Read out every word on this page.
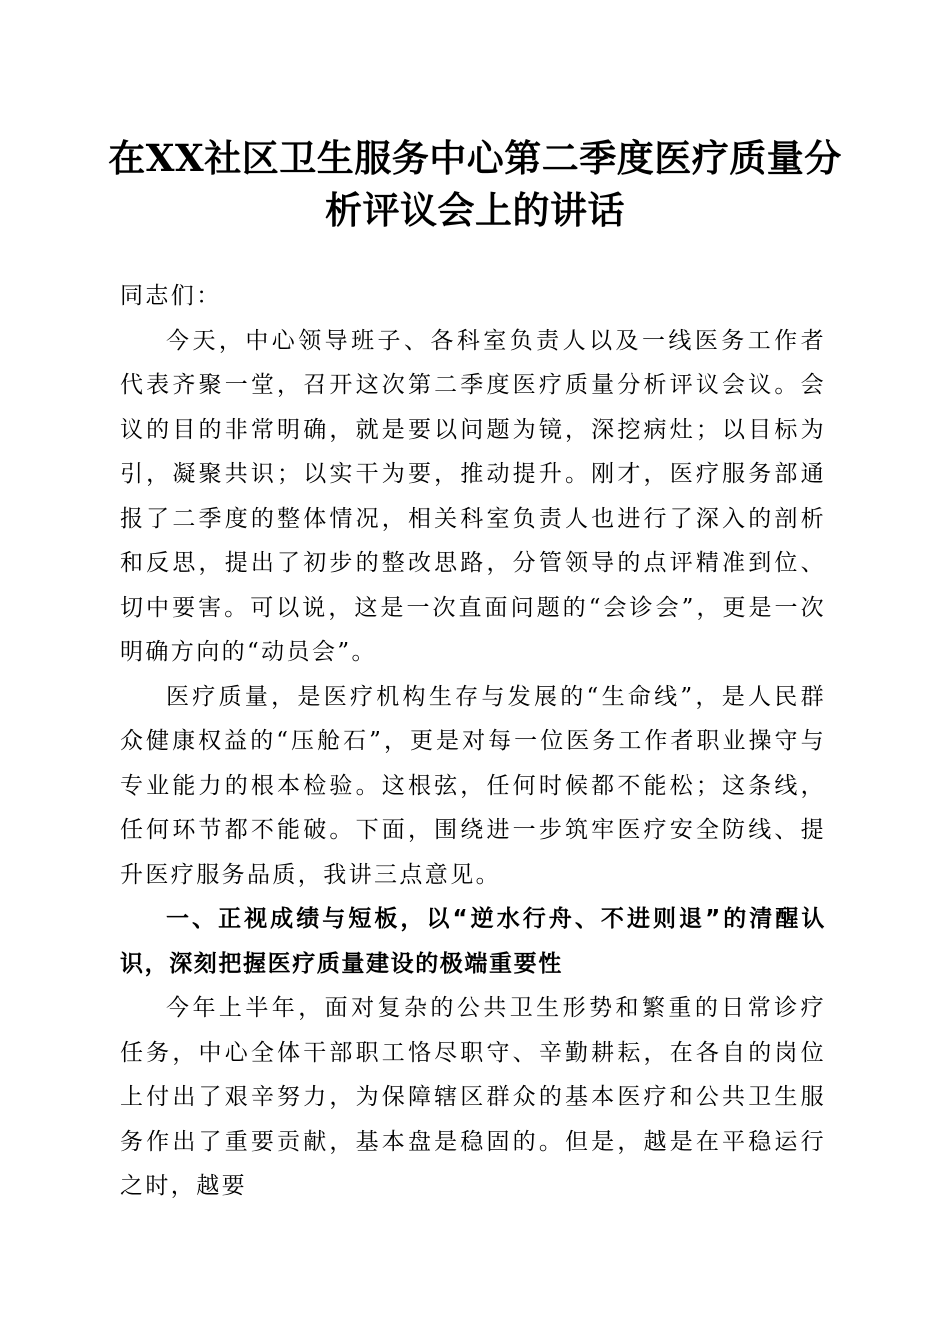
在XX社区卫生服务中心第二季度医疗质量分析评议会上的讲话

同志们：

今天，中心领导班子、各科室负责人以及一线医务工作者代表齐聚一堂，召开这次第二季度医疗质量分析评议会议。会议的目的非常明确，就是要以问题为镜，深挖病灶；以目标为引，凝聚共识；以实干为要，推动提升。刚才，医疗服务部通报了二季度的整体情况，相关科室负责人也进行了深入的剖析和反思，提出了初步的整改思路，分管领导的点评精准到位、切中要害。可以说，这是一次直面问题的“会诊会”，更是一次明确方向的“动员会”。

医疗质量，是医疗机构生存与发展的“生命线”，是人民群众健康权益的“压舱石”，更是对每一位医务工作者职业操守与专业能力的根本检验。这根弦，任何时候都不能松；这条线，任何环节都不能破。下面，围绕进一步筑牢医疗安全防线、提升医疗服务品质，我讲三点意见。

一、正视成绩与短板，以“逆水行舟、不进则退”的清醒认识，深刻把握医疗质量建设的极端重要性

今年上半年，面对复杂的公共卫生形势和繁重的日常诊疗任务，中心全体干部职工恪尽职守、辛勤耕耘，在各自的岗位上付出了艰辛努力，为保障辖区群众的基本医疗和公共卫生服务作出了重要贡献，基本盘是稳固的。但是，越是在平稳运行之时，越要
